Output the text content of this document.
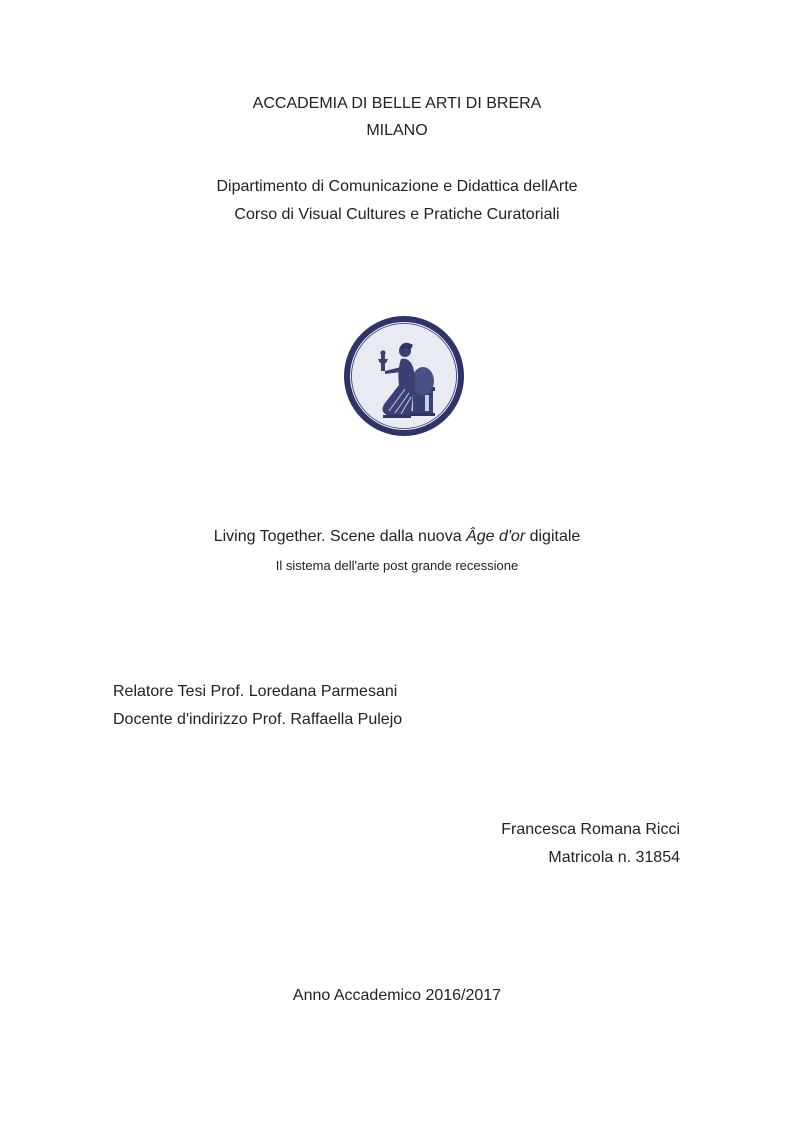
ACCADEMIA DI BELLE ARTI DI BRERA
MILANO
Dipartimento di Comunicazione e Didattica dellArte
Corso di Visual Cultures e Pratiche Curatoriali
Living Together. Scene dalla nuova Âge d'or digitale
Il sistema dell'arte post grande recessione
Relatore Tesi Prof. Loredana Parmesani
Docente d'indirizzo Prof. Raffaella Pulejo
Francesca Romana Ricci
Matricola n. 31854
Anno Accademico 2016/2017
